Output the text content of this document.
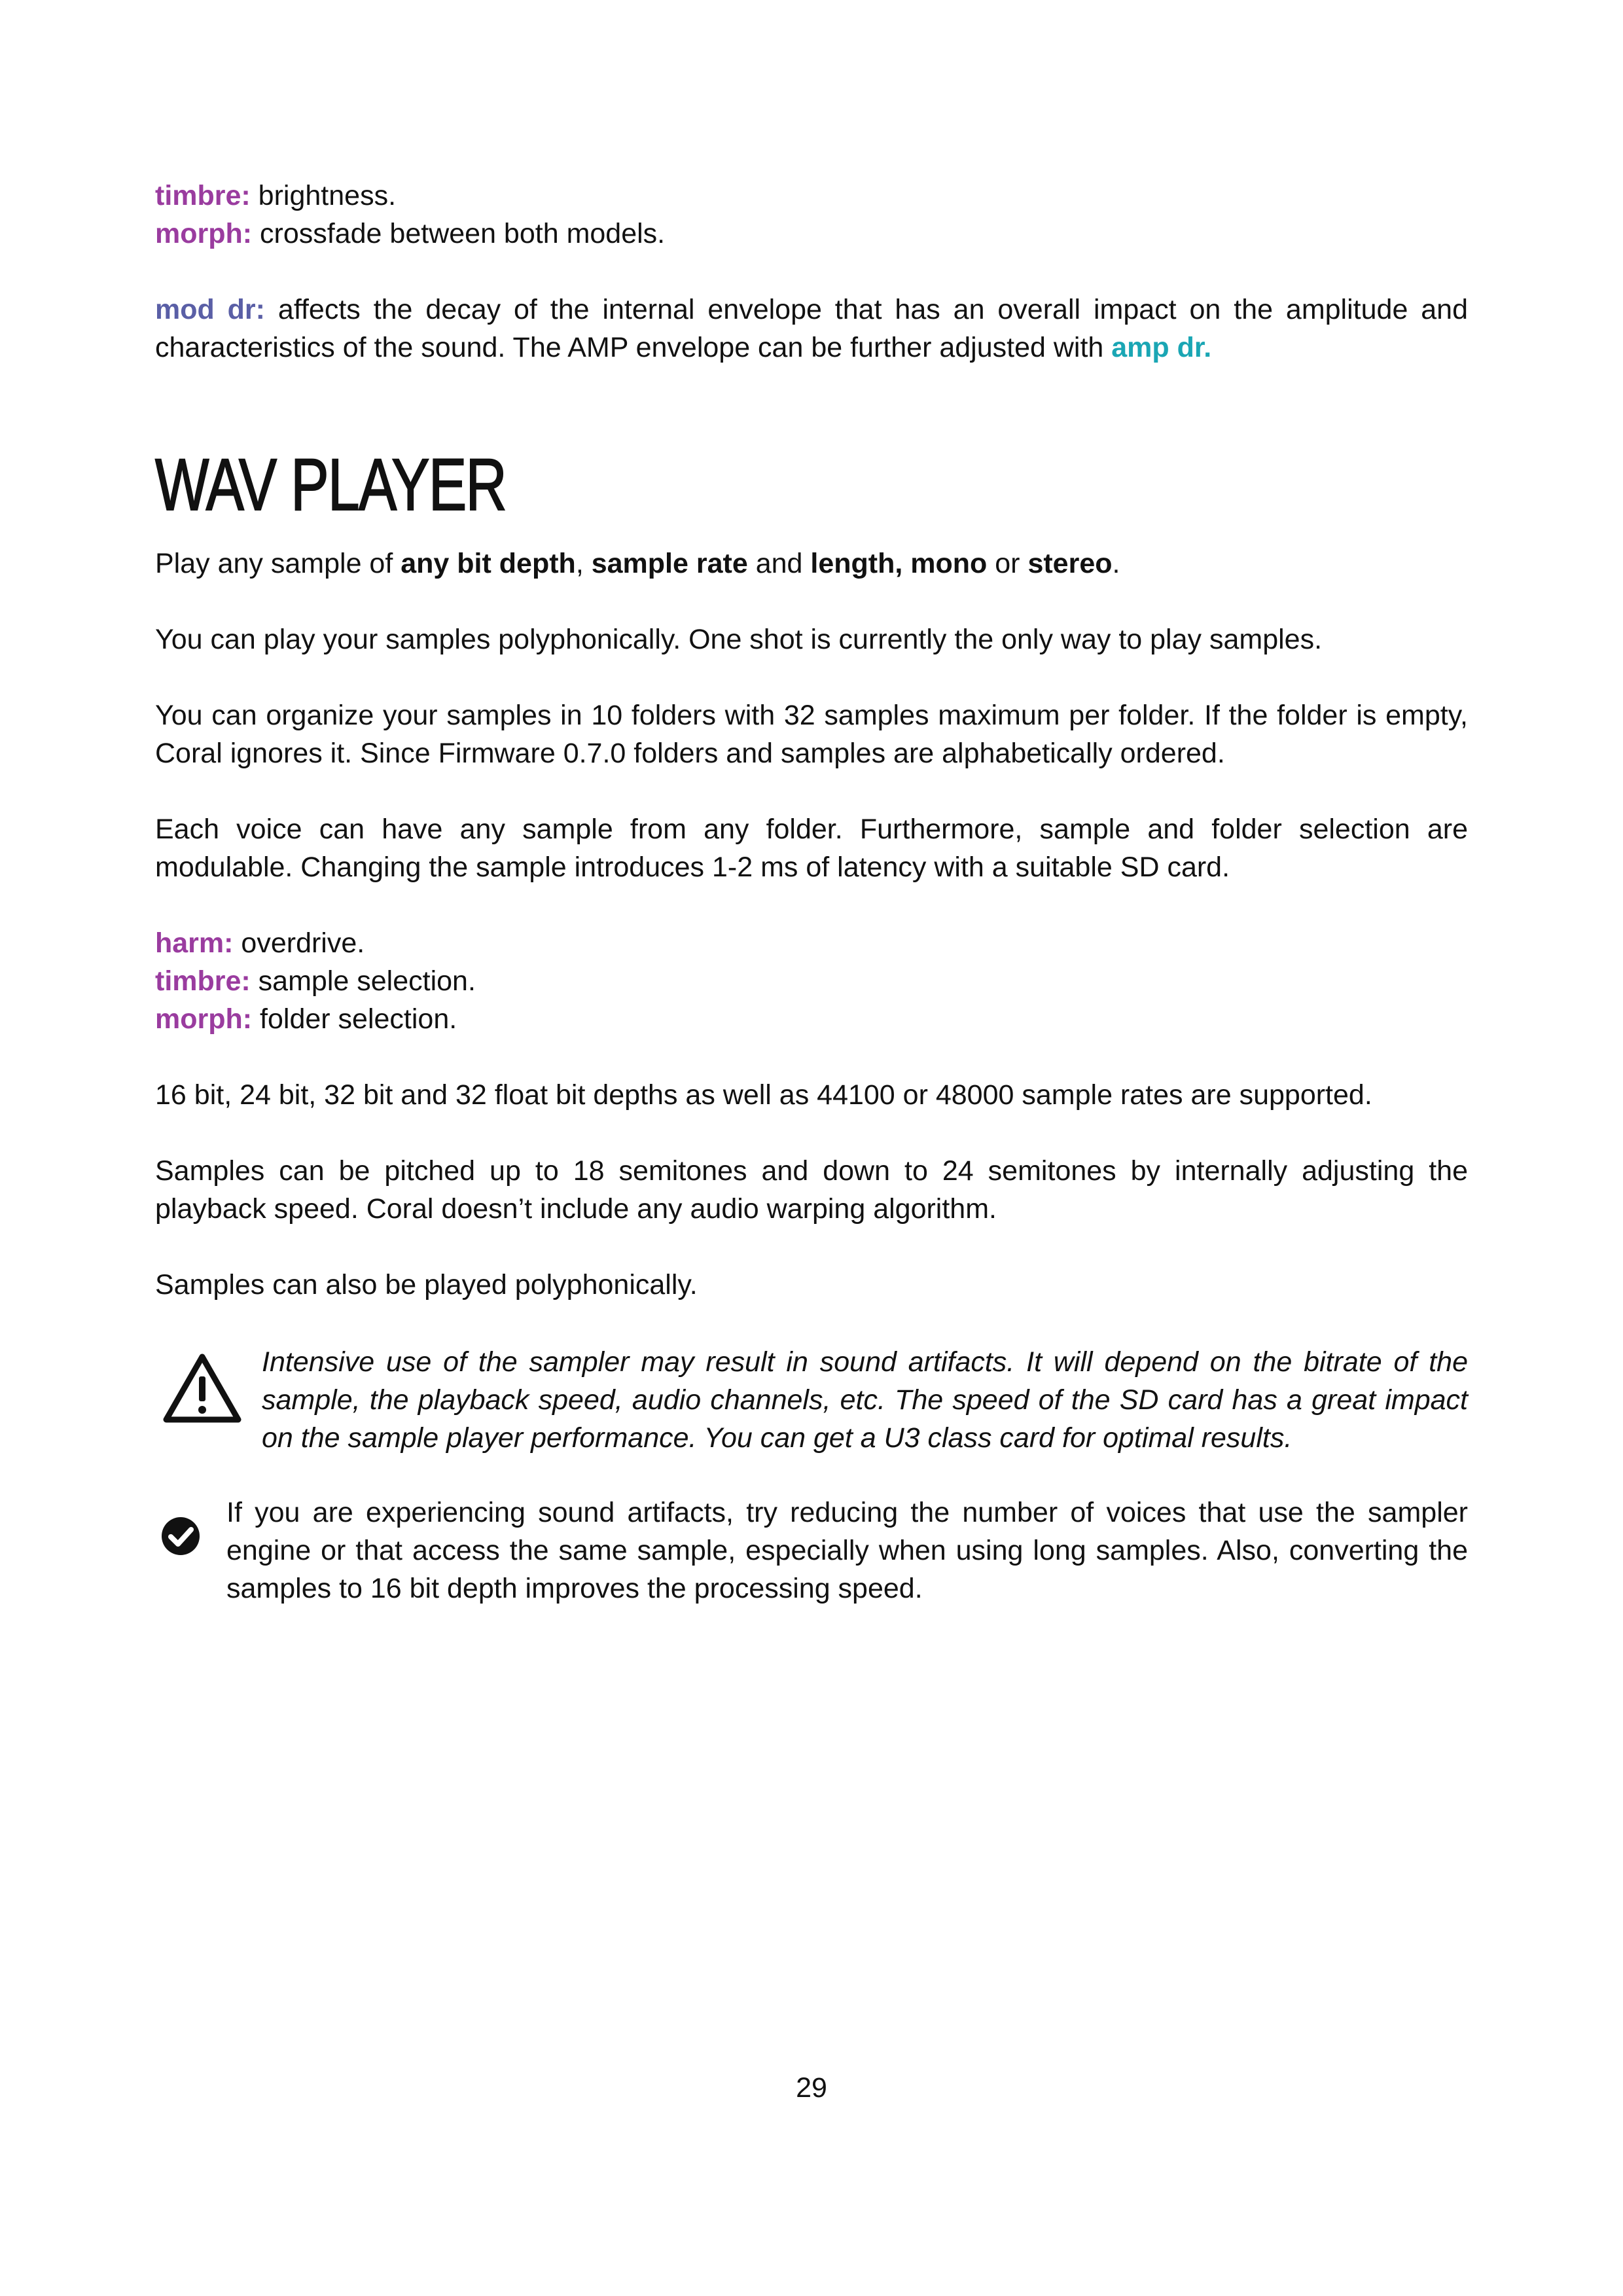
timbre: brightness.

morph: crossfade between both models.

mod dr: affects the decay of the internal envelope that has an overall impact on the amplitude and characteristics of the sound. The AMP envelope can be further adjusted with amp dr.

WAV PLAYER

Play any sample of any bit depth, sample rate and length, mono or stereo.

You can play your samples polyphonically. One shot is currently the only way to play samples.

You can organize your samples in 10 folders with 32 samples maximum per folder. If the folder is empty, Coral ignores it. Since Firmware 0.7.0 folders and samples are alphabetically ordered.

Each voice can have any sample from any folder. Furthermore, sample and folder selection are modulable. Changing the sample introduces 1-2 ms of latency with a suitable SD card.

harm: overdrive.

timbre: sample selection.

morph: folder selection.

16 bit, 24 bit, 32 bit and 32 float bit depths as well as 44100 or 48000 sample rates are supported.

Samples can be pitched up to 18 semitones and down to 24 semitones by internally adjusting the playback speed. Coral doesn’t include any audio warping algorithm.

Samples can also be played polyphonically.

Intensive use of the sampler may result in sound artifacts. It will depend on the bitrate of the sample, the playback speed, audio channels, etc. The speed of the SD card has a great impact on the sample player performance. You can get a U3 class card for optimal results.
If you are experiencing sound artifacts, try reducing the number of voices that use the sampler engine or that access the same sample, especially when using long samples. Also, converting the samples to 16 bit depth improves the processing speed.
29
